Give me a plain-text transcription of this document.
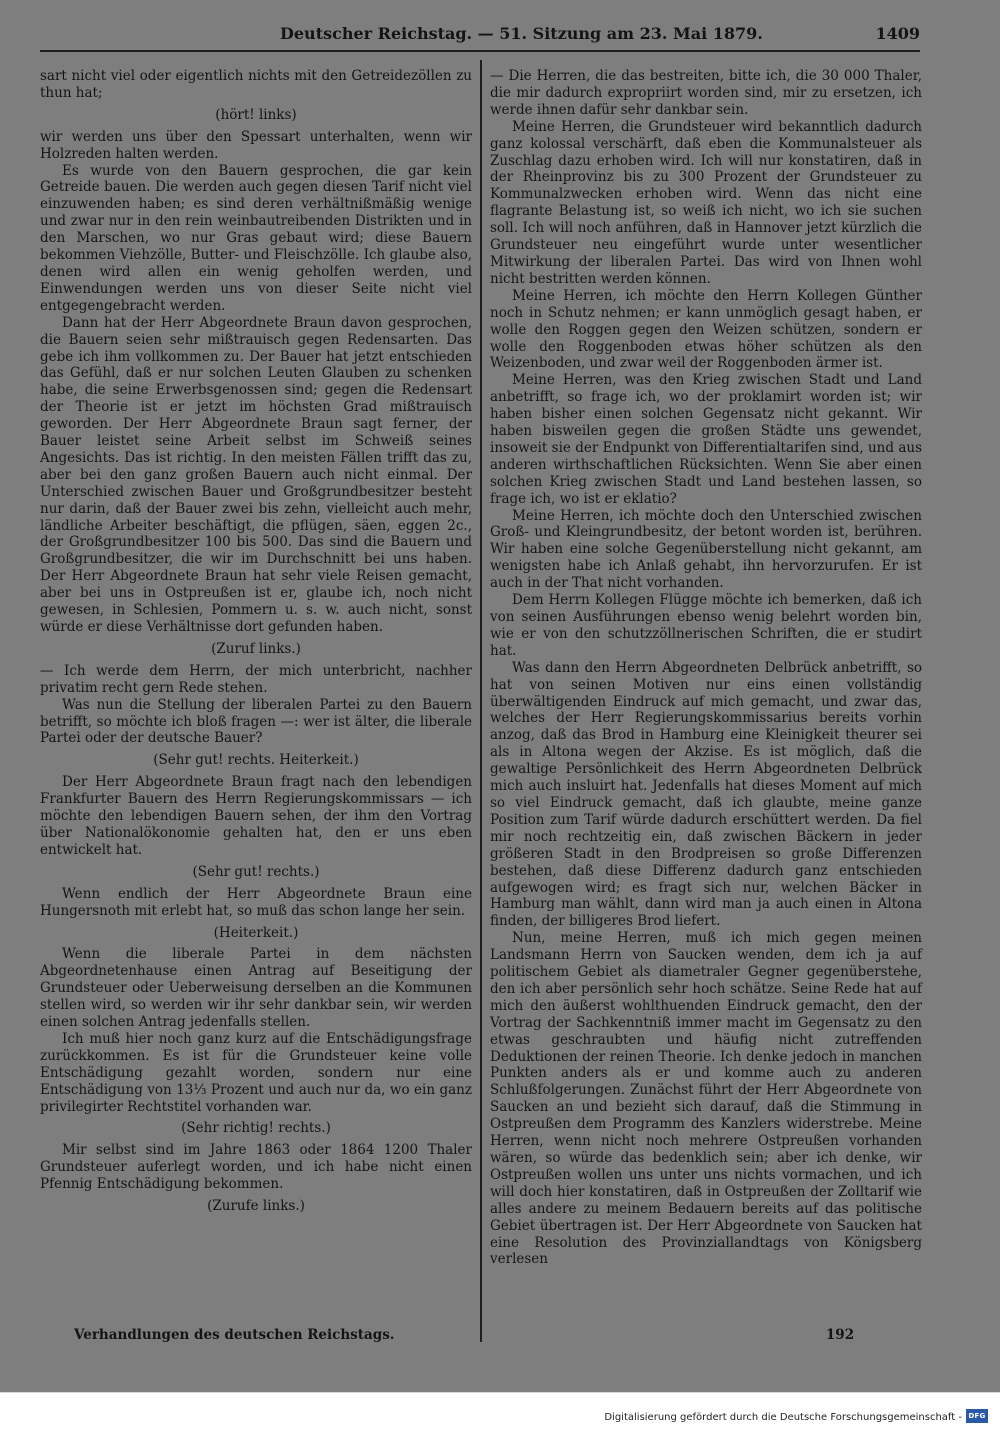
Deutscher Reichstag. — 51. Sitzung am 23. Mai 1879.	1409

sart nicht viel oder eigentlich nichts mit den Getreidezöllen zu thun hat;

(hört! links)

wir werden uns über den Spessart unterhalten, wenn wir Holzreden halten werden.

Es wurde von den Bauern gesprochen, die gar kein Getreide bauen. Die werden auch gegen diesen Tarif nicht viel einzuwenden haben; es sind deren verhältnißmäßig wenige und zwar nur in den rein weinbautreibenden Distrikten und in den Marschen, wo nur Gras gebaut wird; diese Bauern bekommen Viehzölle, Butter- und Fleischzölle. Ich glaube also, denen wird allen ein wenig geholfen werden, und Einwendungen werden uns von dieser Seite nicht viel entgegengebracht werden.

Dann hat der Herr Abgeordnete Braun davon gesprochen, die Bauern seien sehr mißtrauisch gegen Redensarten. Das gebe ich ihm vollkommen zu. Der Bauer hat jetzt entschieden das Gefühl, daß er nur solchen Leuten Glauben zu schenken habe, die seine Erwerbsgenossen sind; gegen die Redensart der Theorie ist er jetzt im höchsten Grad mißtrauisch geworden. Der Herr Abgeordnete Braun sagt ferner, der Bauer leistet seine Arbeit selbst im Schweiß seines Angesichts. Das ist richtig. In den meisten Fällen trifft das zu, aber bei den ganz großen Bauern auch nicht einmal. Der Unterschied zwischen Bauer und Großgrundbesitzer besteht nur darin, daß der Bauer zwei bis zehn, vielleicht auch mehr, ländliche Arbeiter beschäftigt, die pflügen, säen, eggen 2c., der Großgrundbesitzer 100 bis 500. Das sind die Bauern und Großgrundbesitzer, die wir im Durchschnitt bei uns haben. Der Herr Abgeordnete Braun hat sehr viele Reisen gemacht, aber bei uns in Ostpreußen ist er, glaube ich, noch nicht gewesen, in Schlesien, Pommern u. s. w. auch nicht, sonst würde er diese Verhältnisse dort gefunden haben.

(Zuruf links.)

— Ich werde dem Herrn, der mich unterbricht, nachher privatim recht gern Rede stehen.

Was nun die Stellung der liberalen Partei zu den Bauern betrifft, so möchte ich bloß fragen —: wer ist älter, die liberale Partei oder der deutsche Bauer?

(Sehr gut! rechts. Heiterkeit.)

Der Herr Abgeordnete Braun fragt nach den lebendigen Frankfurter Bauern des Herrn Regierungskommissars — ich möchte den lebendigen Bauern sehen, der ihm den Vortrag über Nationalökonomie gehalten hat, den er uns eben entwickelt hat.

(Sehr gut! rechts.)

Wenn endlich der Herr Abgeordnete Braun eine Hungersnoth mit erlebt hat, so muß das schon lange her sein.

(Heiterkeit.)

Wenn die liberale Partei in dem nächsten Abgeordnetenhause einen Antrag auf Beseitigung der Grundsteuer oder Ueberweisung derselben an die Kommunen stellen wird, so werden wir ihr sehr dankbar sein, wir werden einen solchen Antrag jedenfalls stellen.

Ich muß hier noch ganz kurz auf die Entschädigungsfrage zurückkommen. Es ist für die Grundsteuer keine volle Entschädigung gezahlt worden, sondern nur eine Entschädigung von 13⅓ Prozent und auch nur da, wo ein ganz privilegirter Rechtstitel vorhanden war.

(Sehr richtig! rechts.)

Mir selbst sind im Jahre 1863 oder 1864 1200 Thaler Grundsteuer auferlegt worden, und ich habe nicht einen Pfennig Entschädigung bekommen.

(Zurufe links.)

— Die Herren, die das bestreiten, bitte ich, die 30 000 Thaler, die mir dadurch expropriirt worden sind, mir zu ersetzen, ich werde ihnen dafür sehr dankbar sein.

Meine Herren, die Grundsteuer wird bekanntlich dadurch ganz kolossal verschärft, daß eben die Kommunalsteuer als Zuschlag dazu erhoben wird. Ich will nur konstatiren, daß in der Rheinprovinz bis zu 300 Prozent der Grundsteuer zu Kommunalzwecken erhoben wird. Wenn das nicht eine flagrante Belastung ist, so weiß ich nicht, wo ich sie suchen soll. Ich will noch anführen, daß in Hannover jetzt kürzlich die Grundsteuer neu eingeführt wurde unter wesentlicher Mitwirkung der liberalen Partei. Das wird von Ihnen wohl nicht bestritten werden können.

Meine Herren, ich möchte den Herrn Kollegen Günther noch in Schutz nehmen; er kann unmöglich gesagt haben, er wolle den Roggen gegen den Weizen schützen, sondern er wolle den Roggenboden etwas höher schützen als den Weizenboden, und zwar weil der Roggenboden ärmer ist.

Meine Herren, was den Krieg zwischen Stadt und Land anbetrifft, so frage ich, wo der proklamirt worden ist; wir haben bisher einen solchen Gegensatz nicht gekannt. Wir haben bisweilen gegen die großen Städte uns gewendet, insoweit sie der Endpunkt von Differentialtarifen sind, und aus anderen wirthschaftlichen Rücksichten. Wenn Sie aber einen solchen Krieg zwischen Stadt und Land bestehen lassen, so frage ich, wo ist er eklatio?

Meine Herren, ich möchte doch den Unterschied zwischen Groß- und Kleingrundbesitz, der betont worden ist, berühren. Wir haben eine solche Gegenüberstellung nicht gekannt, am wenigsten habe ich Anlaß gehabt, ihn hervorzurufen. Er ist auch in der That nicht vorhanden.

Dem Herrn Kollegen Flügge möchte ich bemerken, daß ich von seinen Ausführungen ebenso wenig belehrt worden bin, wie er von den schutzzöllnerischen Schriften, die er studirt hat.

Was dann den Herrn Abgeordneten Delbrück anbetrifft, so hat von seinen Motiven nur eins einen vollständig überwältigenden Eindruck auf mich gemacht, und zwar das, welches der Herr Regierungskommissarius bereits vorhin anzog, daß das Brod in Hamburg eine Kleinigkeit theurer sei als in Altona wegen der Akzise. Es ist möglich, daß die gewaltige Persönlichkeit des Herrn Abgeordneten Delbrück mich auch insluirt hat. Jedenfalls hat dieses Moment auf mich so viel Eindruck gemacht, daß ich glaubte, meine ganze Position zum Tarif würde dadurch erschüttert werden. Da fiel mir noch rechtzeitig ein, daß zwischen Bäckern in jeder größeren Stadt in den Brodpreisen so große Differenzen bestehen, daß diese Differenz dadurch ganz entschieden aufgewogen wird; es fragt sich nur, welchen Bäcker in Hamburg man wählt, dann wird man ja auch einen in Altona finden, der billigeres Brod liefert.

Nun, meine Herren, muß ich mich gegen meinen Landsmann Herrn von Saucken wenden, dem ich ja auf politischem Gebiet als diametraler Gegner gegenüberstehe, den ich aber persönlich sehr hoch schätze. Seine Rede hat auf mich den äußerst wohlthuenden Eindruck gemacht, den der Vortrag der Sachkenntniß immer macht im Gegensatz zu den etwas geschraubten und häufig nicht zutreffenden Deduktionen der reinen Theorie. Ich denke jedoch in manchen Punkten anders als er und komme auch zu anderen Schlußfolgerungen. Zunächst führt der Herr Abgeordnete von Saucken an und bezieht sich darauf, daß die Stimmung in Ostpreußen dem Programm des Kanzlers widerstrebe. Meine Herren, wenn nicht noch mehrere Ostpreußen vorhanden wären, so würde das bedenklich sein; aber ich denke, wir Ostpreußen wollen uns unter uns nichts vormachen, und ich will doch hier konstatiren, daß in Ostpreußen der Zolltarif wie alles andere zu meinem Bedauern bereits auf das politische Gebiet übertragen ist. Der Herr Abgeordnete von Saucken hat eine Resolution des Provinziallandtags von Königsberg verlesen

Verhandlungen des deutschen Reichstags.	192
Digitalisierung gefördert durch die Deutsche Forschungsgemeinschaft - DFG
